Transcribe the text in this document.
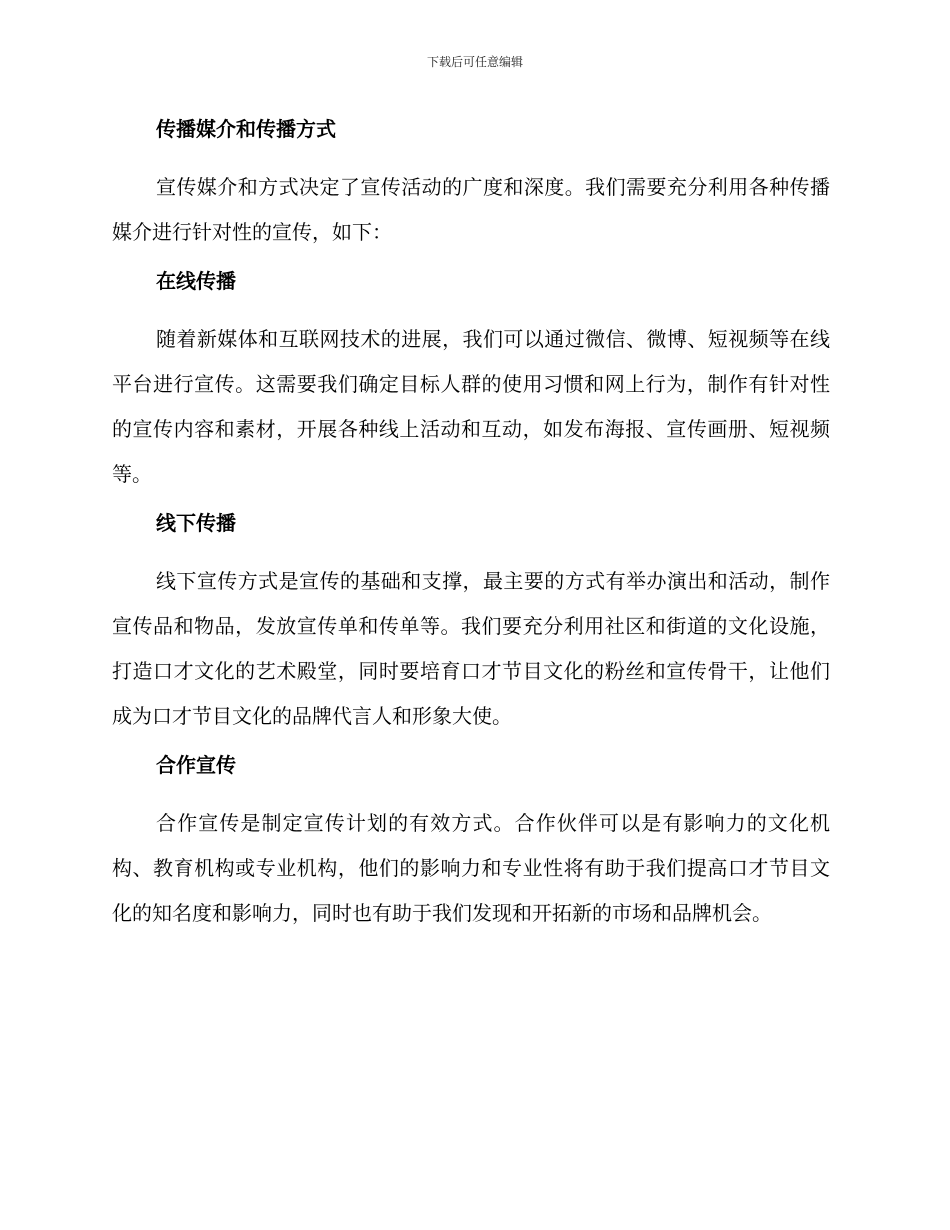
下载后可任意编辑
传播媒介和传播方式

宣传媒介和方式决定了宣传活动的广度和深度。我们需要充分利用各种传播媒介进行针对性的宣传，如下：

在线传播

随着新媒体和互联网技术的进展，我们可以通过微信、微博、短视频等在线平台进行宣传。这需要我们确定目标人群的使用习惯和网上行为，制作有针对性的宣传内容和素材，开展各种线上活动和互动，如发布海报、宣传画册、短视频等。

线下传播

线下宣传方式是宣传的基础和支撑，最主要的方式有举办演出和活动，制作宣传品和物品，发放宣传单和传单等。我们要充分利用社区和街道的文化设施，打造口才文化的艺术殿堂，同时要培育口才节目文化的粉丝和宣传骨干，让他们成为口才节目文化的品牌代言人和形象大使。

合作宣传

合作宣传是制定宣传计划的有效方式。合作伙伴可以是有影响力的文化机构、教育机构或专业机构，他们的影响力和专业性将有助于我们提高口才节目文化的知名度和影响力，同时也有助于我们发现和开拓新的市场和品牌机会。
